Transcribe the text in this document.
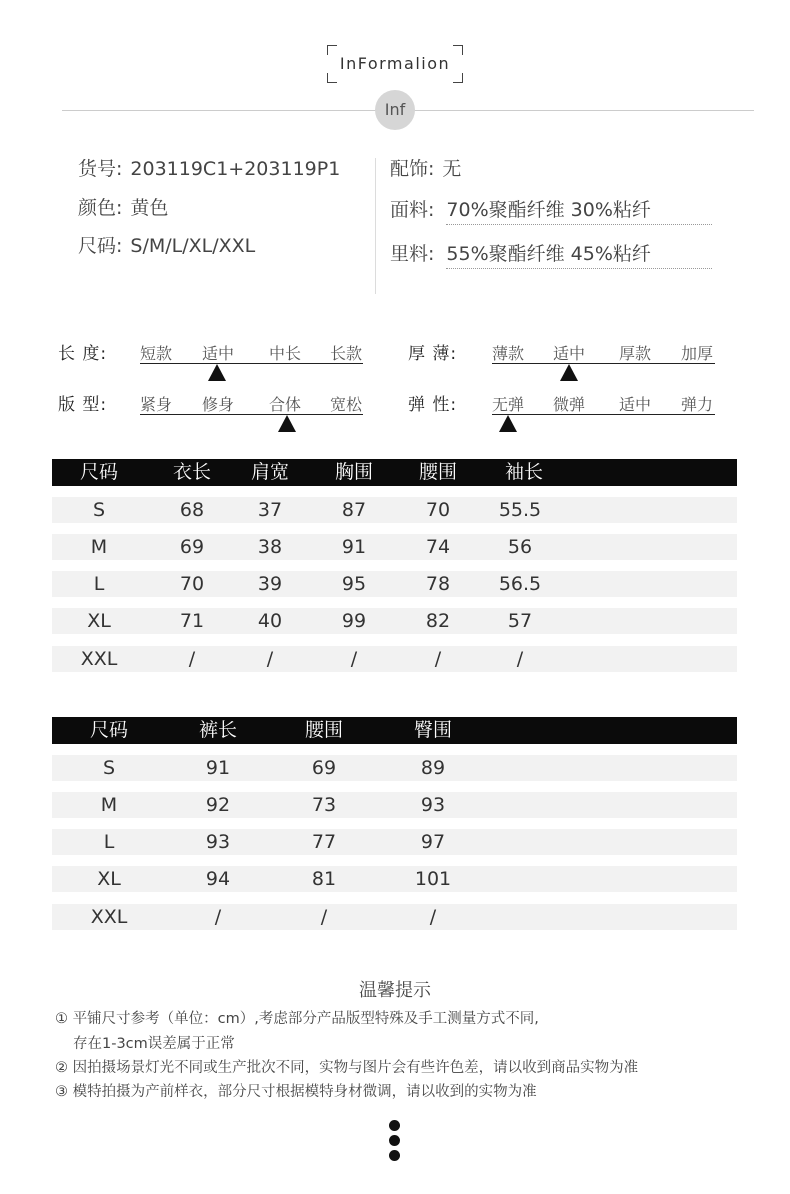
InFormalion
Inf
货号: 203119C1+203119P1
颜色: 黄色
尺码: S/M/L/XL/XXL
配饰: 无
面料: 70%聚酯纤维 30%粘纤
里料: 55%聚酯纤维 45%粘纤
长 度: 短款 适中 中长 长款	厚 薄: 薄款 适中 厚款 加厚
版 型: 紧身 修身 合体 宽松	弹 性: 无弹 微弹 适中 弹力
尺码	衣长 肩宽 胸围 腰围	袖长
S	68	37	87	70	55.5
M	69	38	91	74	56
L	70	39	95	78	56.5
XL	71	40	99	82	57
XXL	/	/	/	/	/
尺码	裤长	腰围	臀围
S	91	69	89
M	92	73	93
L	93	77	97
XL	94	81	101
XXL	/	/	/
温馨提示
① 平铺尺寸参考（单位：cm）,考虑部分产品版型特殊及手工测量方式不同,
存在1-3cm误差属于正常
② 因拍摄场景灯光不同或生产批次不同，实物与图片会有些许色差，请以收到商品实物为准
③ 模特拍摄为产前样衣，部分尺寸根据模特身材微调，请以收到的实物为准
